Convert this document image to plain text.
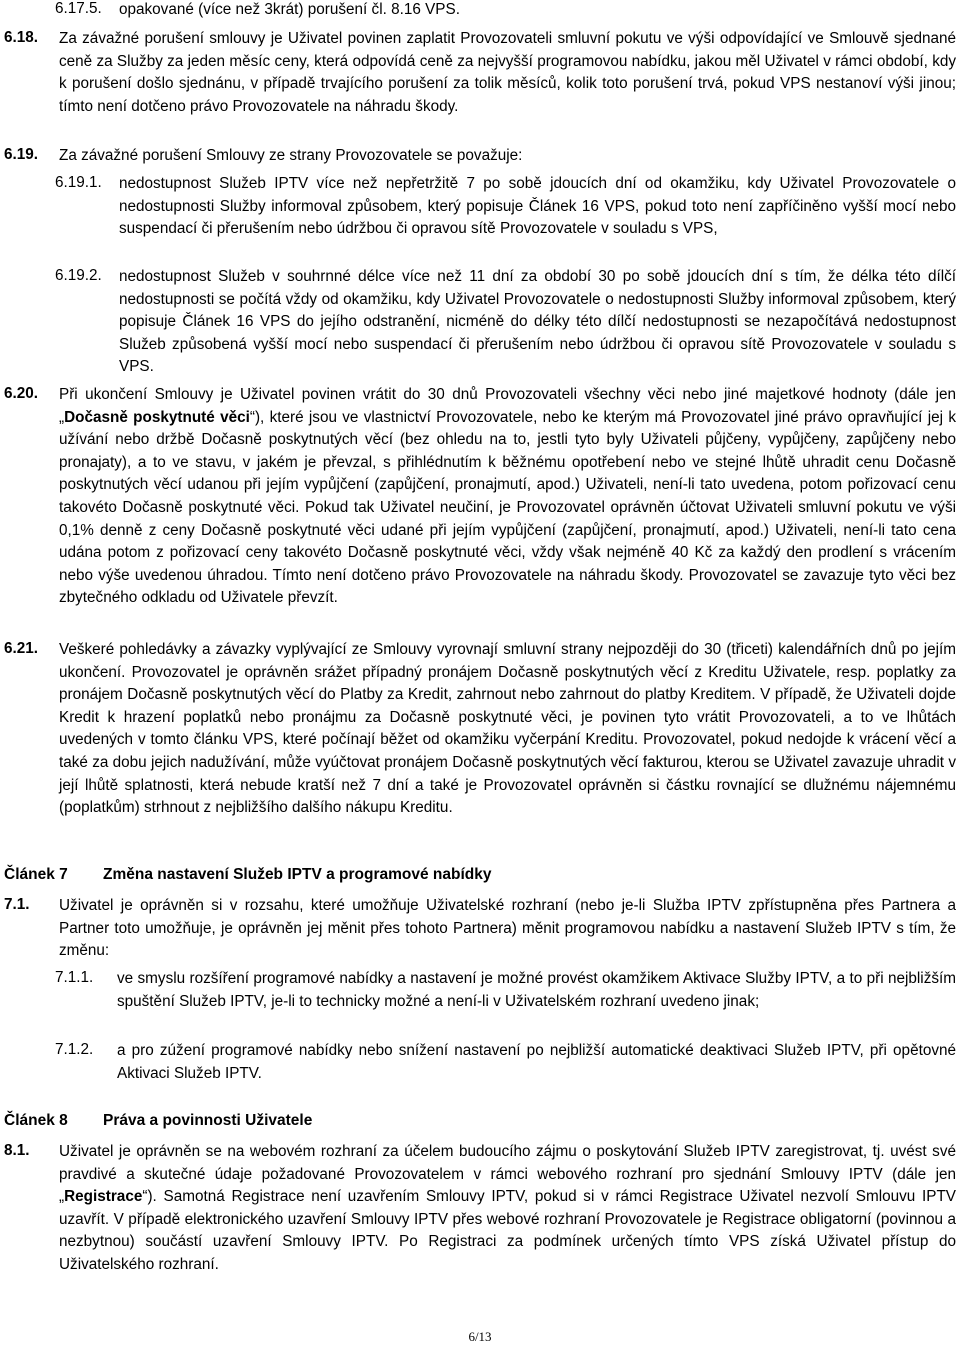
6.17.5. opakované (více než 3krát) porušení čl. 8.16 VPS.
6.18. Za závažné porušení smlouvy je Uživatel povinen zaplatit Provozovateli smluvní pokutu ve výši odpovídající ve Smlouvě sjednané ceně za Služby za jeden měsíc ceny, která odpovídá ceně za nejvyšší programovou nabídku, jakou měl Uživatel v rámci období, kdy k porušení došlo sjednánu, v případě trvajícího porušení za tolik měsíců, kolik toto porušení trvá, pokud VPS nestanoví výši jinou; tímto není dotčeno právo Provozovatele na náhradu škody.
6.19. Za závažné porušení Smlouvy ze strany Provozovatele se považuje:
6.19.1. nedostupnost Služeb IPTV více než nepřetržitě 7 po sobě jdoucích dní od okamžiku, kdy Uživatel Provozovatele o nedostupnosti Služby informoval způsobem, který popisuje Článek 16 VPS, pokud toto není zapříčiněno vyšší mocí nebo suspendací či přerušením nebo údržbou či opravou sítě Provozovatele v souladu s VPS,
6.19.2. nedostupnost Služeb v souhrnné délce více než 11 dní za období 30 po sobě jdoucích dní s tím, že délka této dílčí nedostupnosti se počítá vždy od okamžiku, kdy Uživatel Provozovatele o nedostupnosti Služby informoval způsobem, který popisuje Článek 16 VPS do jejího odstranění, nicméně do délky této dílčí nedostupnosti se nezapočítává nedostupnost Služeb způsobená vyšší mocí nebo suspendací či přerušením nebo údržbou či opravou sítě Provozovatele v souladu s VPS.
6.20. Při ukončení Smlouvy je Uživatel povinen vrátit do 30 dnů Provozovateli všechny věci nebo jiné majetkové hodnoty (dále jen „Dočasně poskytnuté věci“), které jsou ve vlastnictví Provozovatele, nebo ke kterým má Provozovatel jiné právo opravňující jej k užívání nebo držbě Dočasně poskytnutých věcí (bez ohledu na to, jestli tyto byly Uživateli půjčeny, vypůjčeny, zapůjčeny nebo pronajaty), a to ve stavu, v jakém je převzal, s přihlédnutím k běžnému opotřebení nebo ve stejné lhůtě uhradit cenu Dočasně poskytnutých věcí udanou při jejím vypůjčení (zapůjčení, pronajmutí, apod.) Uživateli, není-li tato uvedena, potom pořizovací cenu takovéto Dočasně poskytnuté věci. Pokud tak Uživatel neučiní, je Provozovatel oprávněn účtovat Uživateli smluvní pokutu ve výši 0,1% denně z ceny Dočasně poskytnuté věci udané při jejím vypůjčení (zapůjčení, pronajmutí, apod.) Uživateli, není-li tato cena udána potom z pořizovací ceny takovéto Dočasně poskytnuté věci, vždy však nejméně 40 Kč za každý den prodlení s vrácením nebo výše uvedenou úhradou. Tímto není dotčeno právo Provozovatele na náhradu škody. Provozovatel se zavazuje tyto věci bez zbytečného odkladu od Uživatele převzít.
6.21. Veškeré pohledávky a závazky vyplývající ze Smlouvy vyrovnají smluvní strany nejpozději do 30 (třiceti) kalendářních dnů po jejím ukončení. Provozovatel je oprávněn srážet případný pronájem Dočasně poskytnutých věcí z Kreditu Uživatele, resp. poplatky za pronájem Dočasně poskytnutých věcí do Platby za Kredit, zahrnout nebo zahrnout do platby Kreditem. V případě, že Uživateli dojde Kredit k hrazení poplatků nebo pronájmu za Dočasně poskytnuté věci, je povinen tyto vrátit Provozovateli, a to ve lhůtách uvedených v tomto článku VPS, které počínají běžet od okamžiku vyčerpání Kreditu. Provozovatel, pokud nedojde k vrácení věcí a také za dobu jejich nadužívání, může vyúčtovat pronájem Dočasně poskytnutých věcí fakturou, kterou se Uživatel zavazuje uhradit v její lhůtě splatnosti, která nebude kratší než 7 dní a také je Provozovatel oprávněn si částku rovnající se dlužnému nájemnému (poplatkům) strhnout z nejbližšího dalšího nákupu Kreditu.
Článek 7 Změna nastavení Služeb IPTV a programové nabídky
7.1. Uživatel je oprávněn si v rozsahu, které umožňuje Uživatelské rozhraní (nebo je-li Služba IPTV zpřístupněna přes Partnera a Partner toto umožňuje, je oprávněn jej měnit přes tohoto Partnera) měnit programovou nabídku a nastavení Služeb IPTV s tím, že změnu:
7.1.1. ve smyslu rozšíření programové nabídky a nastavení je možné provést okamžikem Aktivace Služby IPTV, a to při nejbližším spuštění Služeb IPTV, je-li to technicky možné a není-li v Uživatelském rozhraní uvedeno jinak;
7.1.2. a pro zúžení programové nabídky nebo snížení nastavení po nejbližší automatické deaktivaci Služeb IPTV, při opětovné Aktivaci Služeb IPTV.
Článek 8 Práva a povinnosti Uživatele
8.1. Uživatel je oprávněn se na webovém rozhraní za účelem budoucího zájmu o poskytování Služeb IPTV zaregistrovat, tj. uvést své pravdivé a skutečné údaje požadované Provozovatelem v rámci webového rozhraní pro sjednání Smlouvy IPTV (dále jen „Registrace“). Samotná Registrace není uzavřením Smlouvy IPTV, pokud si v rámci Registrace Uživatel nezvolí Smlouvu IPTV uzavřít. V případě elektronického uzavření Smlouvy IPTV přes webové rozhraní Provozovatele je Registrace obligatorní (povinnou a nezbytnou) součástí uzavření Smlouvy IPTV. Po Registraci za podmínek určených tímto VPS získá Uživatel přístup do Uživatelského rozhraní.
6/13
